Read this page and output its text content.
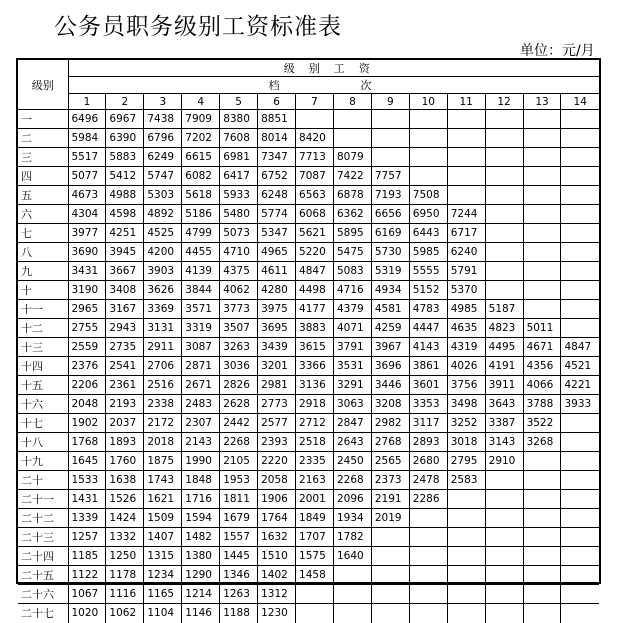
公务员职务级别工资标准表
单位：元/月
级别	级别工资													
	档 次													
	1	2	3	4	5	6	7	8	9	10	11	12	13	14
一	6496	6967	7438	7909	8380	8851								
二	5984	6390	6796	7202	7608	8014	8420							
三	5517	5883	6249	6615	6981	7347	7713	8079						
四	5077	5412	5747	6082	6417	6752	7087	7422	7757					
五	4673	4988	5303	5618	5933	6248	6563	6878	7193	7508				
六	4304	4598	4892	5186	5480	5774	6068	6362	6656	6950	7244			
七	3977	4251	4525	4799	5073	5347	5621	5895	6169	6443	6717			
八	3690	3945	4200	4455	4710	4965	5220	5475	5730	5985	6240			
九	3431	3667	3903	4139	4375	4611	4847	5083	5319	5555	5791			
十	3190	3408	3626	3844	4062	4280	4498	4716	4934	5152	5370			
十一	2965	3167	3369	3571	3773	3975	4177	4379	4581	4783	4985	5187		
十二	2755	2943	3131	3319	3507	3695	3883	4071	4259	4447	4635	4823	5011	
十三	2559	2735	2911	3087	3263	3439	3615	3791	3967	4143	4319	4495	4671	4847
十四	2376	2541	2706	2871	3036	3201	3366	3531	3696	3861	4026	4191	4356	4521
十五	2206	2361	2516	2671	2826	2981	3136	3291	3446	3601	3756	3911	4066	4221
十六	2048	2193	2338	2483	2628	2773	2918	3063	3208	3353	3498	3643	3788	3933
十七	1902	2037	2172	2307	2442	2577	2712	2847	2982	3117	3252	3387	3522	
十八	1768	1893	2018	2143	2268	2393	2518	2643	2768	2893	3018	3143	3268	
十九	1645	1760	1875	1990	2105	2220	2335	2450	2565	2680	2795	2910		
二十	1533	1638	1743	1848	1953	2058	2163	2268	2373	2478	2583			
二十一	1431	1526	1621	1716	1811	1906	2001	2096	2191	2286				
二十二	1339	1424	1509	1594	1679	1764	1849	1934	2019					
二十三	1257	1332	1407	1482	1557	1632	1707	1782						
二十四	1185	1250	1315	1380	1445	1510	1575	1640						
二十五	1122	1178	1234	1290	1346	1402	1458							
二十六	1067	1116	1165	1214	1263	1312								
二十七	1020	1062	1104	1146	1188	1230								
